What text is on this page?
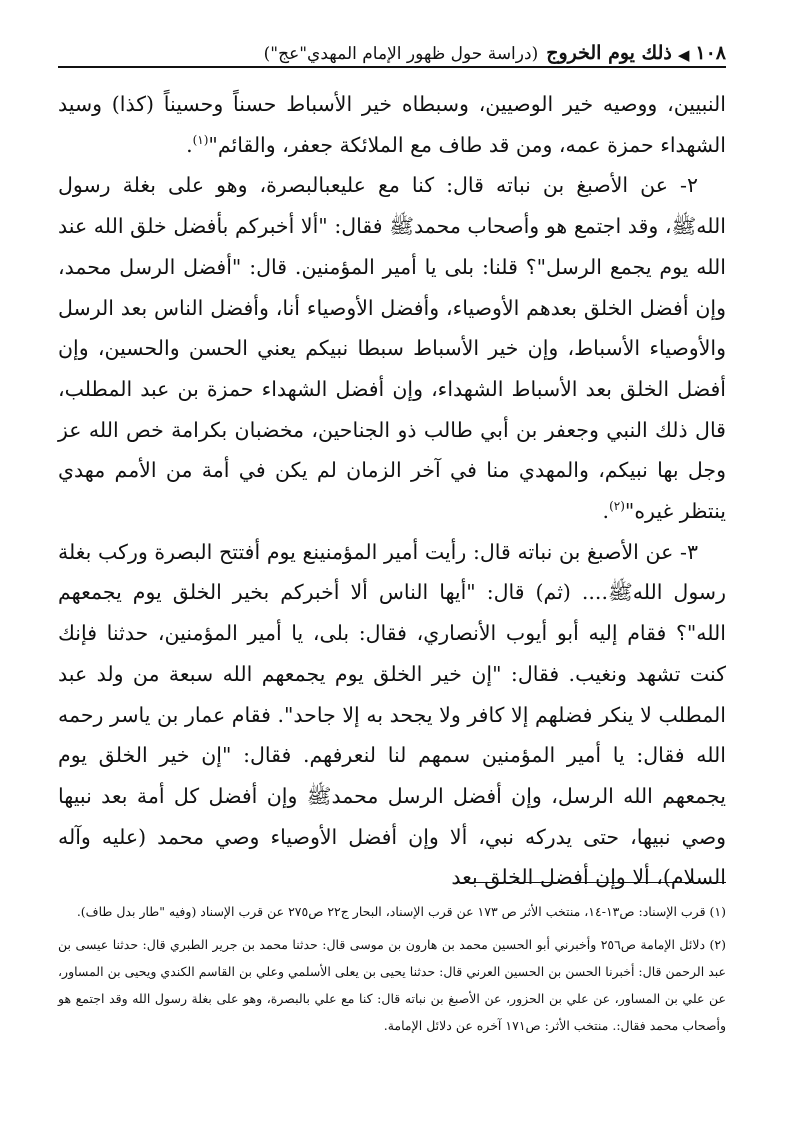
١٠٨
◀
ذلك يوم الخروج
(دراسة حول ظهور الإمام المهدي"عج")

النبيين، ووصيه خير الوصيين، وسبطاه خير الأسباط حسناً وحسيناً (كذا) وسيد الشهداء حمزة عمه، ومن قد طاف مع الملائكة جعفر، والقائم"$^{(١)}$.

٢- عن الأصبغ بن نباته قال: كنا مع عليعبالبصرة، وهو على بغلة رسول اللهﷺ، وقد اجتمع هو وأصحاب محمدﷺ فقال: "ألا أخبركم بأفضل خلق الله عند الله يوم يجمع الرسل"؟ قلنا: بلى يا أمير المؤمنين. قال: "أفضل الرسل محمد، وإن أفضل الخلق بعدهم الأوصياء، وأفضل الأوصياء أنا، وأفضل الناس بعد الرسل والأوصياء الأسباط، وإن خير الأسباط سبطا نبيكم يعني الحسن والحسين، وإن أفضل الخلق بعد الأسباط الشهداء، وإن أفضل الشهداء حمزة بن عبد المطلب، قال ذلك النبي وجعفر بن أبي طالب ذو الجناحين، مخضبان بكرامة خص الله عز وجل بها نبيكم، والمهدي منا في آخر الزمان لم يكن في أمة من الأمم مهدي ينتظر غيره"$^{(٢)}$.

٣- عن الأصبغ بن نباته قال: رأيت أمير المؤمنينع يوم أفتتح البصرة وركب بغلة رسول اللهﷺ.... (ثم) قال: "أيها الناس ألا أخبركم بخير الخلق يوم يجمعهم الله"؟ فقام إليه أبو أيوب الأنصاري، فقال: بلى، يا أمير المؤمنين، حدثنا فإنك كنت تشهد ونغيب. فقال: "إن خير الخلق يوم يجمعهم الله سبعة من ولد عبد المطلب لا ينكر فضلهم إلا كافر ولا يجحد به إلا جاحد". فقام عمار بن ياسر رحمه الله فقال: يا أمير المؤمنين سمهم لنا لنعرفهم. فقال: "إن خير الخلق يوم يجمعهم الله الرسل، وإن أفضل الرسل محمدﷺ وإن أفضل كل أمة بعد نبيها وصي نبيها، حتى يدركه نبي، ألا وإن أفضل الأوصياء وصي محمد (عليه وآله السلام)، ألا وإن أفضل الخلق بعد

(١) قرب الإسناد: ص١٣-١٤، منتخب الأثر ص ١٧٣ عن قرب الإسناد، البحار ج٢٢ ص٢٧٥ عن قرب الإسناد (وفيه "طار بدل طاف).

(٢) دلائل الإمامة ص٢٥٦ وأخبرني أبو الحسين محمد بن هارون بن موسى قال: حدثنا محمد بن جرير الطبري قال: حدثنا عيسى بن عبد الرحمن قال: أخبرنا الحسن بن الحسين العرني قال: حدثنا يحيى بن يعلى الأسلمي وعلي بن القاسم الكندي ويحيى بن المساور، عن علي بن المساور، عن علي بن الحزور، عن الأصبغ بن نباته قال: كنا مع علي بالبصرة، وهو على بغلة رسول الله وقد اجتمع هو وأصحاب محمد فقال:. منتخب الأثر: ص١٧١ آخره عن دلائل الإمامة.
